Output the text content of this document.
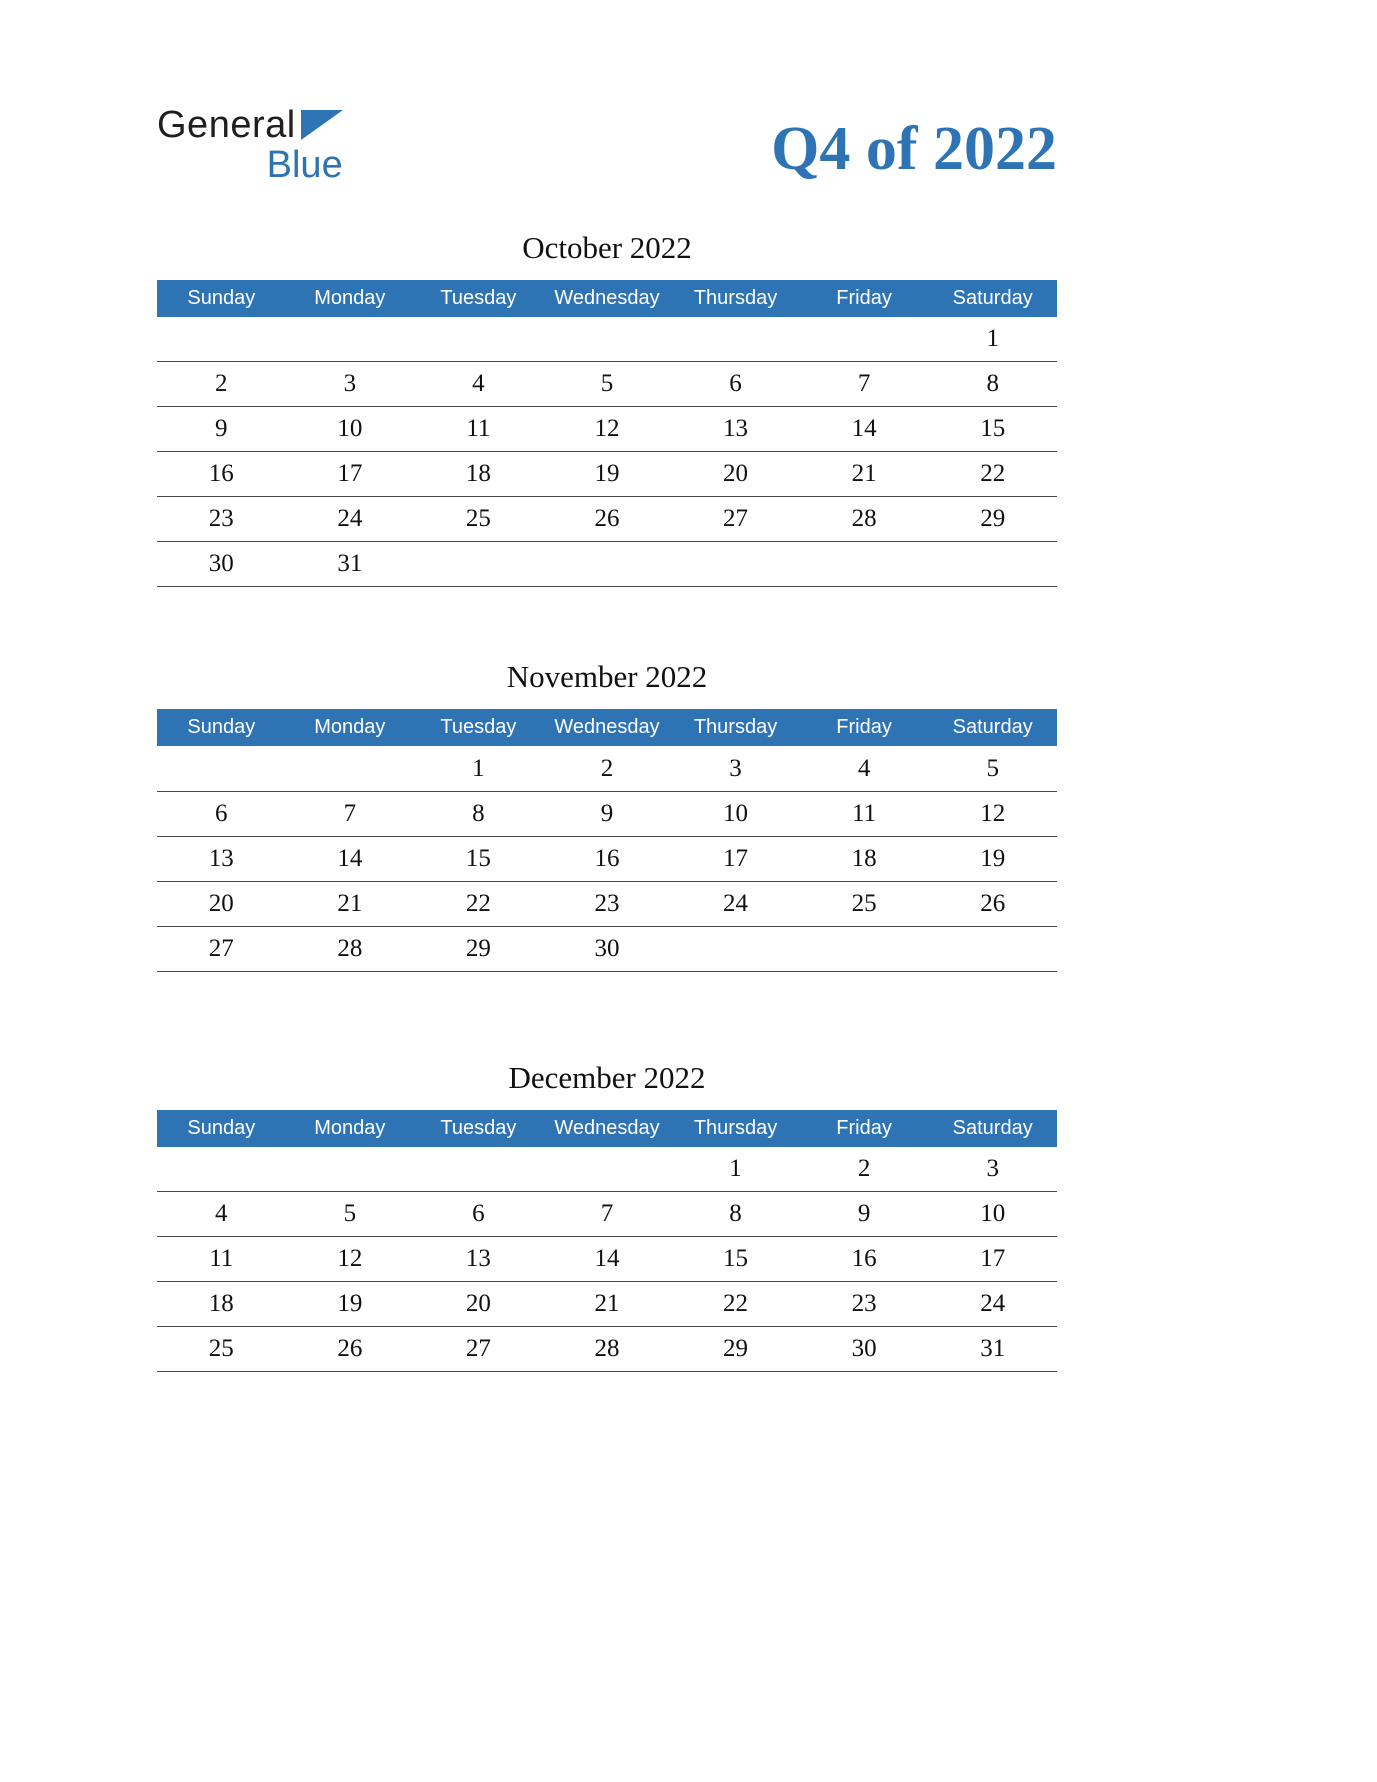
General
Blue	Q4 of 2022
October 2022
Sunday	Monday	Tuesday	Wednesday	Thursday	Friday	Saturday
						1
2	3	4	5	6	7	8
9	10	11	12	13	14	15
16	17	18	19	20	21	22
23	24	25	26	27	28	29
30	31					
November 2022
Sunday	Monday	Tuesday	Wednesday	Thursday	Friday	Saturday
		1	2	3	4	5
6	7	8	9	10	11	12
13	14	15	16	17	18	19
20	21	22	23	24	25	26
27	28	29	30			
December 2022
Sunday	Monday	Tuesday	Wednesday	Thursday	Friday	Saturday
				1	2	3
4	5	6	7	8	9	10
11	12	13	14	15	16	17
18	19	20	21	22	23	24
25	26	27	28	29	30	31
